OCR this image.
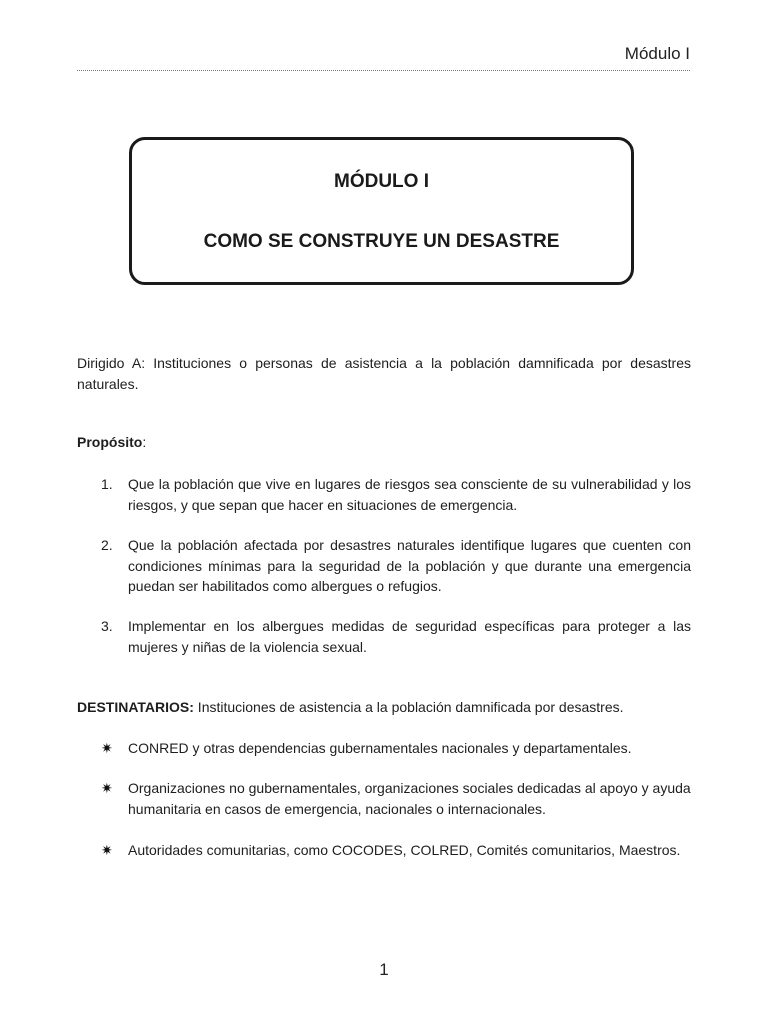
Módulo I
MÓDULO I
COMO SE CONSTRUYE UN DESASTRE
Dirigido A: Instituciones o personas de asistencia a la población damnificada por desastres naturales.
Propósito:
1. Que la población que vive en lugares de riesgos sea consciente de su vulnerabilidad y los riesgos, y que sepan que hacer en situaciones de emergencia.
2. Que la población afectada por desastres naturales identifique lugares que cuenten con condiciones mínimas para la seguridad de la población y que durante una emergencia puedan ser habilitados como albergues o refugios.
3. Implementar en los albergues medidas de seguridad específicas para proteger a las mujeres y niñas de la violencia sexual.
DESTINATARIOS: Instituciones de asistencia a la población damnificada por desastres.
✷ CONRED y otras dependencias gubernamentales nacionales y departamentales.
✷ Organizaciones no gubernamentales, organizaciones sociales dedicadas al apoyo y ayuda humanitaria en casos de emergencia, nacionales o internacionales.
✷ Autoridades comunitarias, como COCODES, COLRED, Comités comunitarios, Maestros.
1
